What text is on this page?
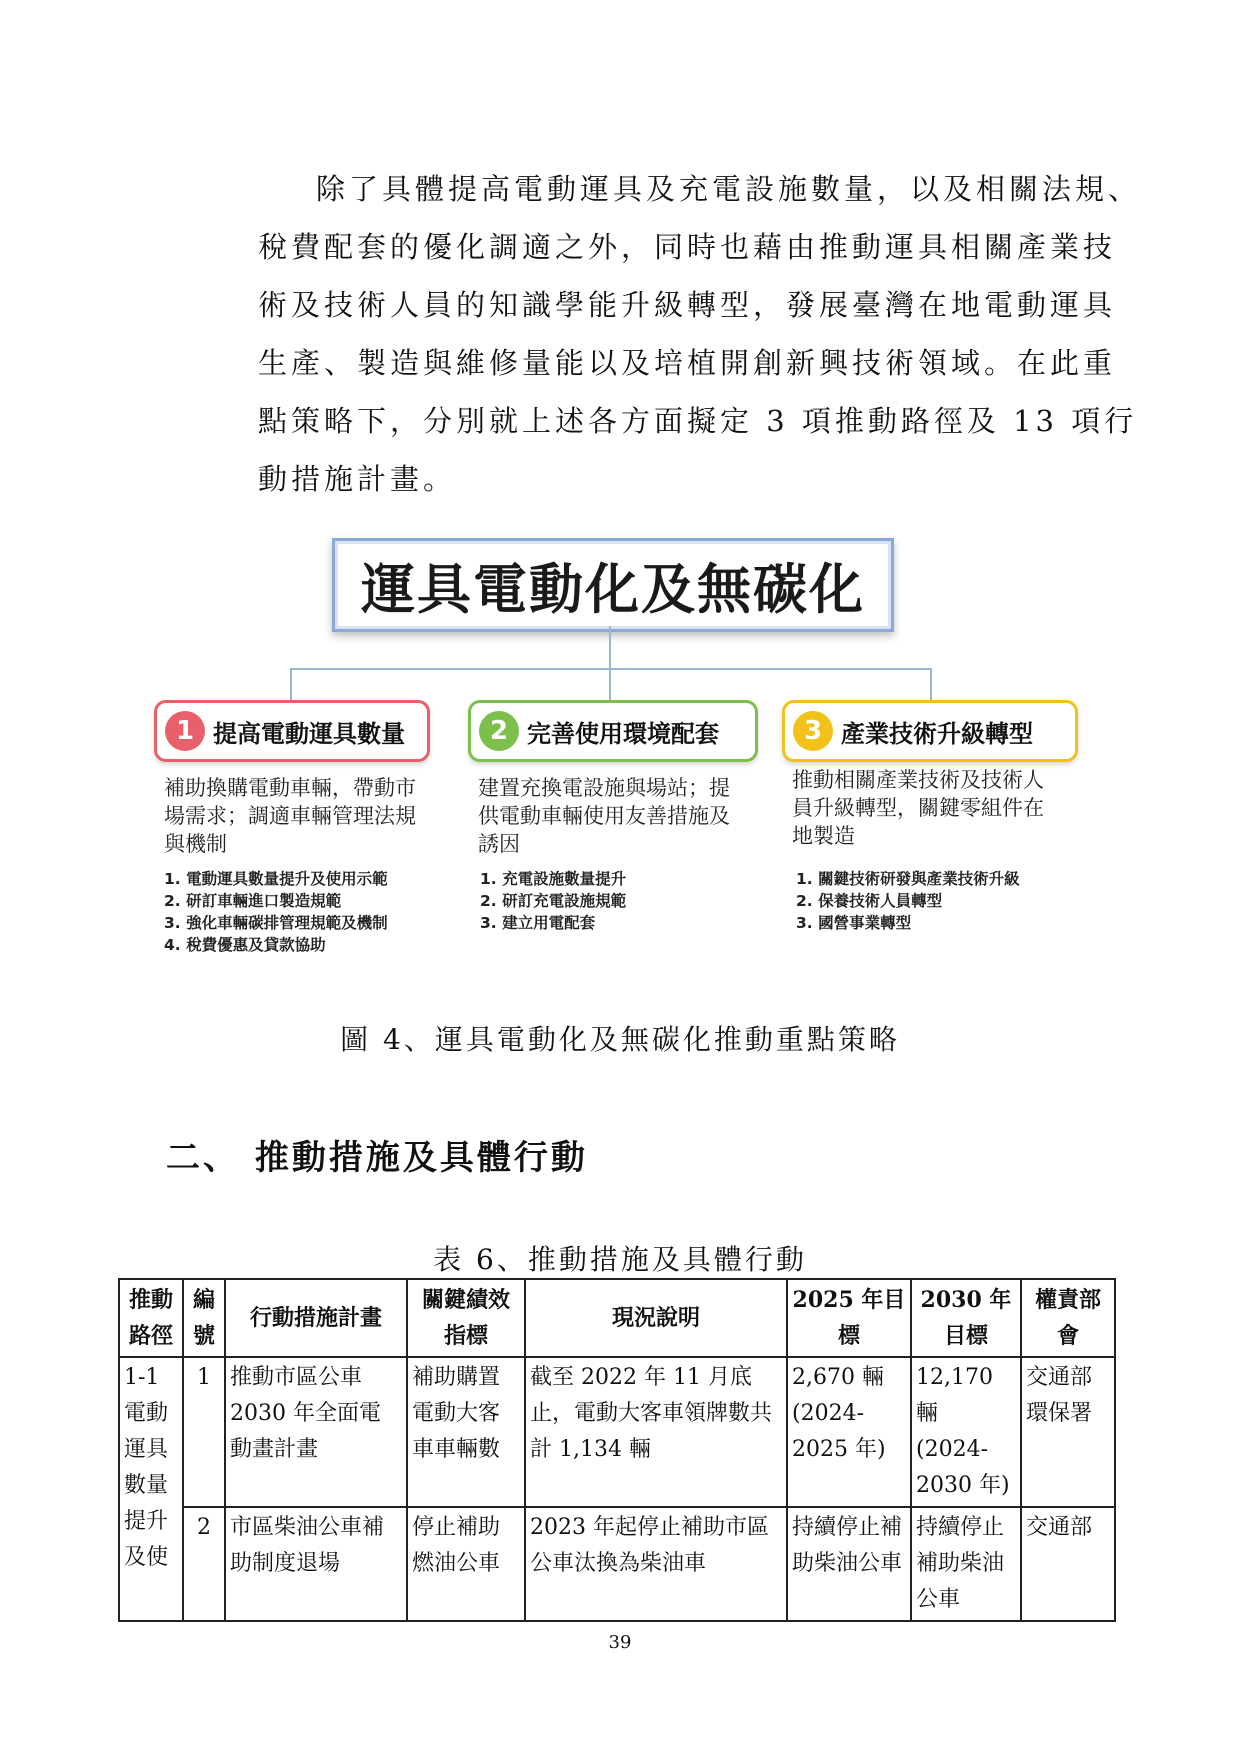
除了具體提高電動運具及充電設施數量，以及相關法規、
稅費配套的優化調適之外，同時也藉由推動運具相關產業技
術及技術人員的知識學能升級轉型，發展臺灣在地電動運具
生產、製造與維修量能以及培植開創新興技術領域。在此重
點策略下，分別就上述各方面擬定 3 項推動路徑及 13 項行
動措施計畫。
運具電動化及無碳化
1 提高電動運具數量
補助換購電動車輛，帶動市場需求；調適車輛管理法規與機制
1. 電動運具數量提升及使用示範
2. 研訂車輛進口製造規範
3. 強化車輛碳排管理規範及機制
4. 稅費優惠及貸款協助
2 完善使用環境配套
建置充換電設施與場站；提供電動車輛使用友善措施及誘因
1. 充電設施數量提升
2. 研訂充電設施規範
3. 建立用電配套
3 產業技術升級轉型
推動相關產業技術及技術人員升級轉型，關鍵零組件在地製造
1. 關鍵技術研發與產業技術升級
2. 保養技術人員轉型
3. 國營事業轉型
圖 4、運具電動化及無碳化推動重點策略
二、 推動措施及具體行動
表 6、推動措施及具體行動
推動路徑	編號	行動措施計畫	關鍵績效指標	現況說明	2025 年目標	2030 年目標	權責部會
1-1 電動運具數量提升及使	1	推動市區公車 2030 年全面電動畫計畫	補助購置電動大客車車輛數	截至 2022 年 11 月底止，電動大客車領牌數共計 1,134 輛	2,670 輛 (2024-2025 年)	12,170 輛 (2024-2030 年)	交通部 環保署
	2	市區柴油公車補助制度退場	停止補助燃油公車	2023 年起停止補助市區公車汰換為柴油車	持續停止補助柴油公車	持續停止補助柴油公車	交通部
39
